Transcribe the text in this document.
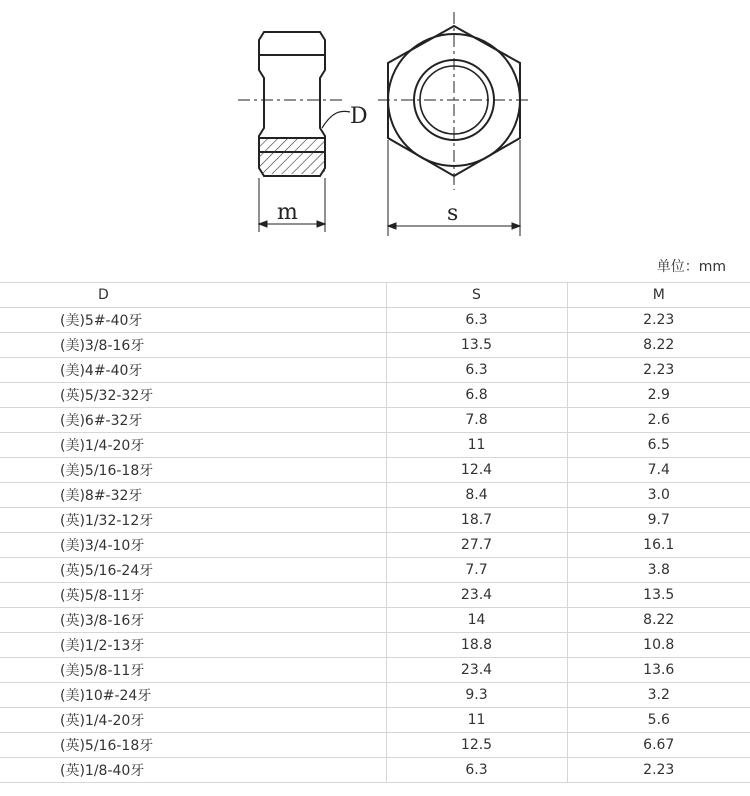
D
m	s
单位：mm
D	S	M
(美)5#-40牙	6.3	2.23
(美)3/8-16牙	13.5	8.22
(美)4#-40牙	6.3	2.23
(英)5/32-32牙	6.8	2.9
(美)6#-32牙	7.8	2.6
(美)1/4-20牙	11	6.5
(美)5/16-18牙	12.4	7.4
(美)8#-32牙	8.4	3.0
(英)1/32-12牙	18.7	9.7
(美)3/4-10牙	27.7	16.1
(英)5/16-24牙	7.7	3.8
(英)5/8-11牙	23.4	13.5
(英)3/8-16牙	14	8.22
(美)1/2-13牙	18.8	10.8
(美)5/8-11牙	23.4	13.6
(美)10#-24牙	9.3	3.2
(英)1/4-20牙	11	5.6
(英)5/16-18牙	12.5	6.67
(英)1/8-40牙	6.3	2.23
